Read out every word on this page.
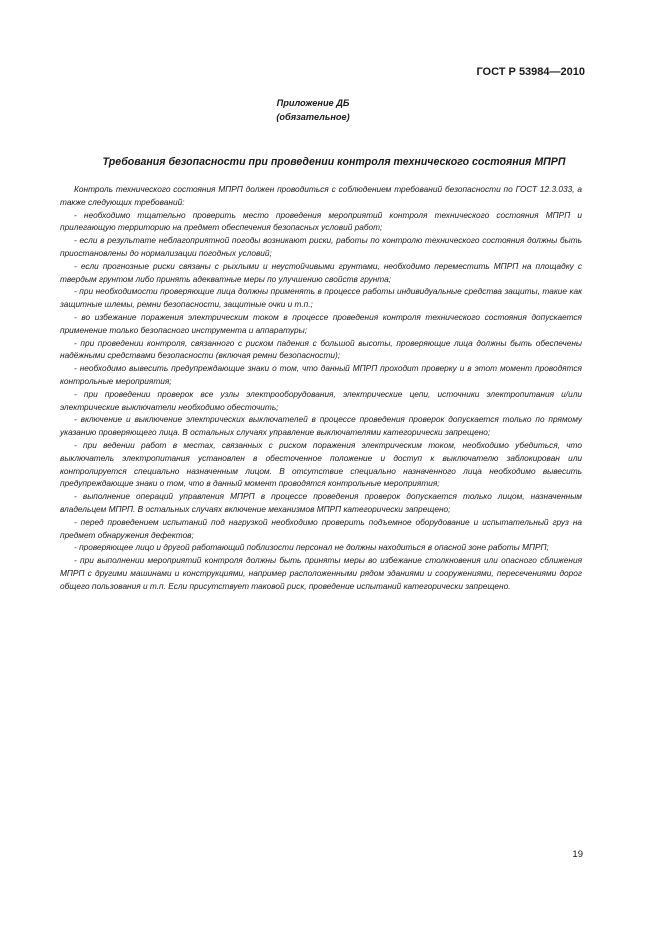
ГОСТ Р 53984—2010
Приложение ДБ
(обязательное)
Требования безопасности при проведении контроля технического состояния МПРП

Контроль технического состояния МПРП должен проводиться с соблюдением требований безопасности по ГОСТ 12.3.033, а также следующих требований:

- необходимо тщательно проверить место проведения мероприятий контроля технического состояния МПРП и прилегающую территорию на предмет обеспечения безопасных условий работ;

- если в результате неблагоприятной погоды возникают риски, работы по контролю технического состояния должны быть приостановлены до нормализации погодных условий;

- если прогнозные риски связаны с рыхлыми и неустойчивыми грунтами, необходимо переместить МПРП на площадку с твердым грунтом либо принять адекватные меры по улучшению свойств грунта;

- при необходимости проверяющие лица должны применять в процессе работы индивидуальные средства защиты, такие как защитные шлемы, ремни безопасности, защитные очки и т.п.;

- во избежание поражения электрическим током в процессе проведения контроля технического состояния допускается применение только безопасного инструмента и аппаратуры;

- при проведении контроля, связанного с риском падения с большой высоты, проверяющие лица должны быть обеспечены надёжными средствами безопасности (включая ремни безопасности);

- необходимо вывесить предупреждающие знаки о том, что данный МПРП проходит проверку и в этот момент проводятся контрольные мероприятия;

- при проведении проверок все узлы электрооборудования, электрические цепи, источники электропитания и/или электрические выключатели необходимо обесточить;

- включение и выключение электрических выключателей в процессе проведения проверок допускается только по прямому указанию проверяющего лица. В остальных случаях управление выключателями категорически запрещено;

- при ведении работ в местах, связанных с риском поражения электрическим током, необходимо убедиться, что выключатель электропитания установлен в обесточенное положение и доступ к выключателю заблокирован или контролируется специально назначенным лицом. В отсутствие специально назначенного лица необходимо вывесить предупреждающие знаки о том, что в данный момент проводятся контрольные мероприятия;

- выполнение операций управления МПРП в процессе проведения проверок допускается только лицом, назначенным владельцем МПРП. В остальных случаях включение механизмов МПРП категорически запрещено;

- перед проведением испытаний под нагрузкой необходимо проверить подъемное оборудование и испытательный груз на предмет обнаружения дефектов;

- проверяющее лицо и другой работающий поблизости персонал не должны находиться в опасной зоне работы МПРП;

- при выполнении мероприятий контроля должны быть приняты меры во избежание столкновения или опасного сближения МПРП с другими машинами и конструкциями, например расположенными рядом зданиями и сооружениями, пересечениями дорог общего пользования и т.п. Если присутствует таковой риск, проведение испытаний категорически запрещено.

19
